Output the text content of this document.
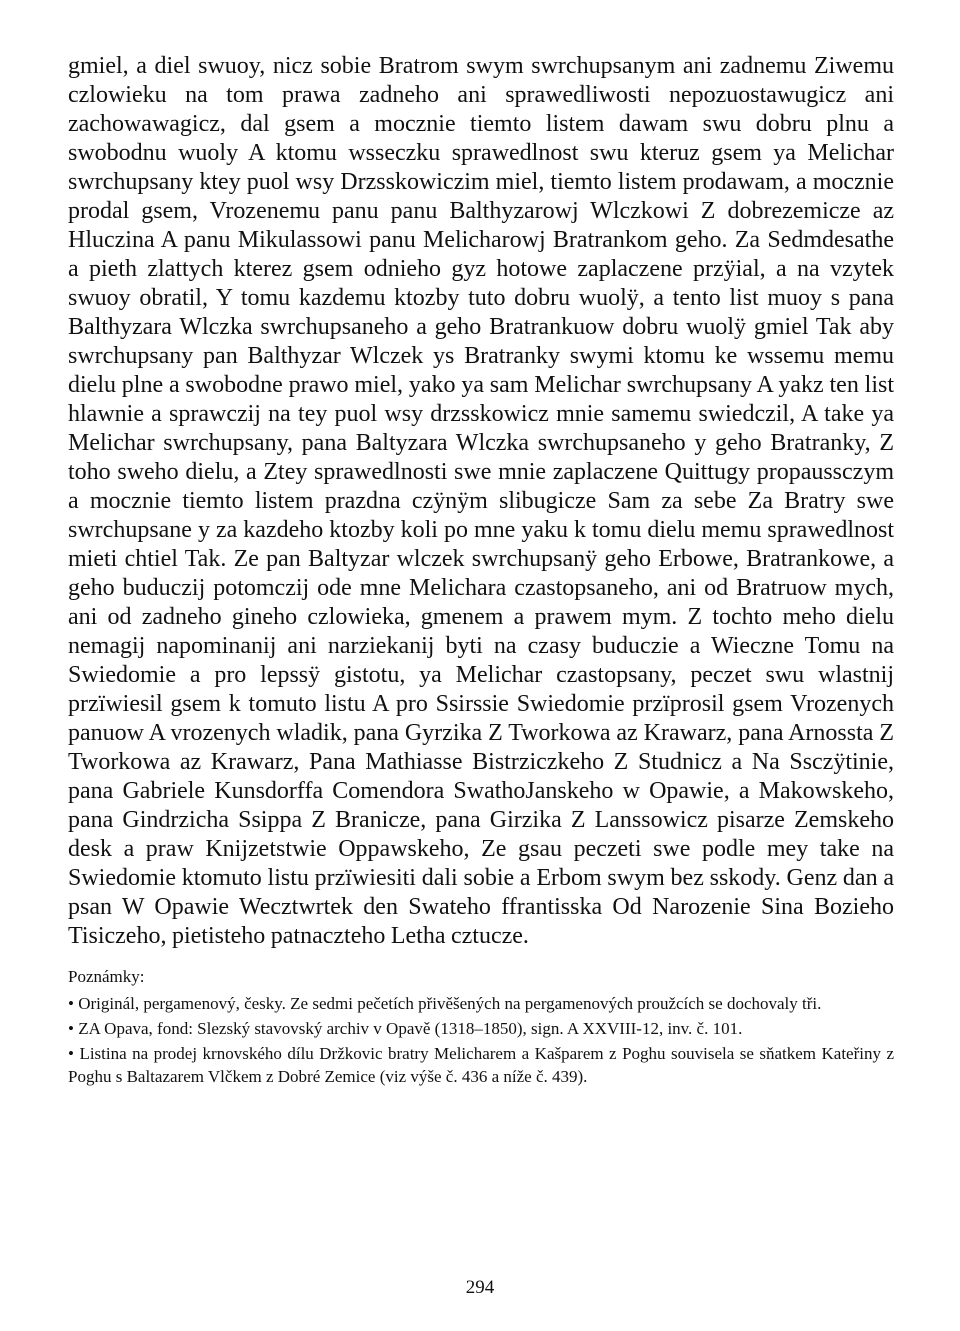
gmiel, a diel swuoy, nicz sobie Bratrom swym swrchupsanym ani zadnemu Ziwemu czlowieku na tom prawa zadneho ani sprawedliwosti nepozuostawugicz ani zachowawagicz, dal gsem a mocznie tiemto listem dawam swu dobru plnu a swobodnu wuoly A ktomu wsseczku sprawedlnost swu kteruz gsem ya Melichar swrchupsany ktey puol wsy Drzsskowiczim miel, tiemto listem prodawam, a mocznie prodal gsem, Vrozenemu panu panu Balthyzarowj Wlczkowi Z dobrezemicze az Hluczina A panu Mikulassowi panu Melicharowj Bratrankom geho. Za Sedmdesathe a pieth zlattych kterez gsem odnieho gyz hotowe zaplaczene przÿial, a na vzytek swuoy obratil, Y tomu kazdemu ktozby tuto dobru wuolÿ, a tento list muoy s pana Balthyzara Wlczka swrchupsaneho a geho Bratrankuow dobru wuolÿ gmiel Tak aby swrchupsany pan Balthyzar Wlczek ys Bratranky swymi ktomu ke wssemu memu dielu plne a swobodne prawo miel, yako ya sam Melichar swrchupsany A yakz ten list hlawnie a sprawczij na tey puol wsy drzsskowicz mnie samemu swiedczil, A take ya Melichar swrchupsany, pana Baltyzara Wlczka swrchupsaneho y geho Bratranky, Z toho sweho dielu, a Ztey sprawedlnosti swe mnie zaplaczene Quittugy propaussczym a mocznie tiemto listem prazdna czÿnÿm slibugicze Sam za sebe Za Bratry swe swrchupsane y za kazdeho ktozby koli po mne yaku k tomu dielu memu sprawedlnost mieti chtiel Tak. Ze pan Baltyzar wlczek swrchupsanÿ geho Erbowe, Bratrankowe, a geho buduczij potomczij ode mne Melichara czastopsaneho, ani od Bratruow mych, ani od zadneho gineho czlowieka, gmenem a prawem mym. Z tochto meho dielu nemagij napominanij ani narziekanij byti na czasy buduczie a Wieczne Tomu na Swiedomie a pro lepssÿ gistotu, ya Melichar czastopsany, peczet swu wlastnij przïwiesil gsem k tomuto listu A pro Ssirssie Swiedomie przïprosil gsem Vrozenych panuow A vrozenych wladik, pana Gyrzika Z Tworkowa az Krawarz, pana Arnossta Z Tworkowa az Krawarz, Pana Mathiasse Bistrziczkeho Z Studnicz a Na Ssczÿtinie, pana Gabriele Kunsdorffa Comendora SwathoJanskeho w Opawie, a Makowskeho, pana Gindrzicha Ssippa Z Branicze, pana Girzika Z Lanssowicz pisarze Zemskeho desk a praw Knijzetstwie Oppawskeho, Ze gsau peczeti swe podle mey take na Swiedomie ktomuto listu przïwiesiti dali sobie a Erbom swym bez sskody. Genz dan a psan W Opawie Wecztwrtek den Swateho ffrantisska Od Narozenie Sina Bozieho Tisiczeho, pietisteho patnaczteho Letha cztucze.

Poznámky:

• Originál, pergamenový, česky. Ze sedmi pečetích přivěšených na pergamenových proužcích se dochovaly tři.

• ZA Opava, fond: Slezský stavovský archiv v Opavě (1318–1850), sign. A XXVIII-12, inv. č. 101.

• Listina na prodej krnovského dílu Držkovic bratry Melicharem a Kašparem z Poghu souvisela se sňatkem Kateřiny z Poghu s Baltazarem Vlčkem z Dobré Zemice (viz výše č. 436 a níže č. 439).

294
